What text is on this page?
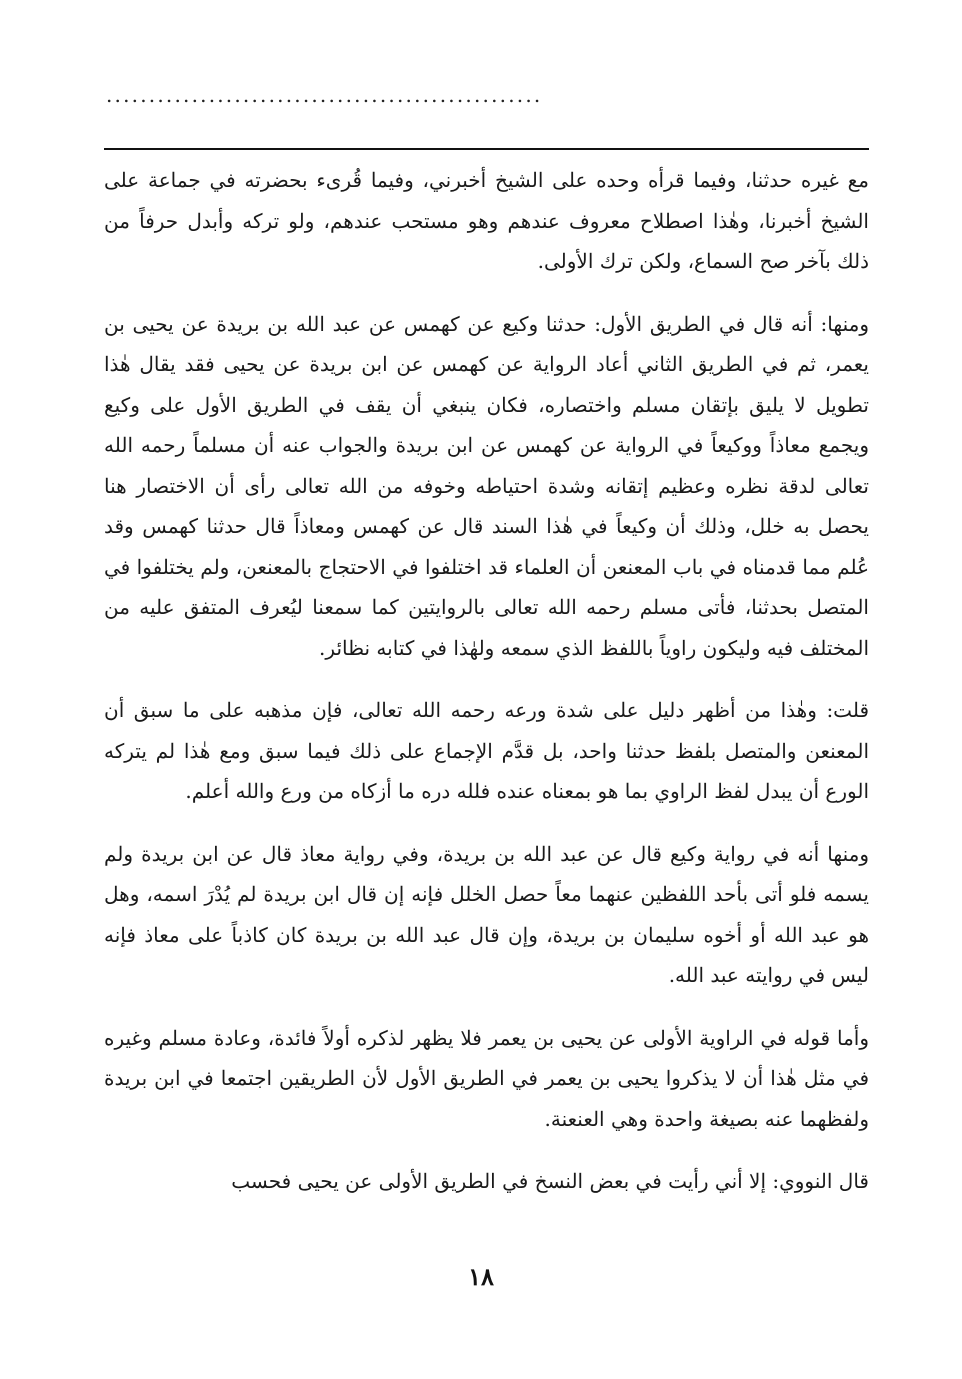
...................................................

مع غيره حدثنا، وفيما قرأه وحده على الشيخ أخبرني، وفيما قُرىء بحضرته في جماعة على الشيخ أخبرنا، وهٰذا اصطلاح معروف عندهم وهو مستحب عندهم، ولو تركه وأبدل حرفاً من ذلك بآخر صح السماع، ولكن ترك الأولى.

ومنها: أنه قال في الطريق الأول: حدثنا وكيع عن كهمس عن عبد الله بن بريدة عن يحيى بن يعمر، ثم في الطريق الثاني أعاد الرواية عن كهمس عن ابن بريدة عن يحيى فقد يقال هٰذا تطويل لا يليق بإتقان مسلم واختصاره، فكان ينبغي أن يقف في الطريق الأول على وكيع ويجمع معاذاً ووكيعاً في الرواية عن كهمس عن ابن بريدة والجواب عنه أن مسلماً رحمه الله تعالى لدقة نظره وعظيم إتقانه وشدة احتياطه وخوفه من الله تعالى رأى أن الاختصار هنا يحصل به خلل، وذلك أن وكيعاً في هٰذا السند قال عن كهمس ومعاذاً قال حدثنا كهمس وقد عُلم مما قدمناه في باب المعنعن أن العلماء قد اختلفوا في الاحتجاج بالمعنعن، ولم يختلفوا في المتصل بحدثنا، فأتى مسلم رحمه الله تعالى بالروايتين كما سمعنا ليُعرف المتفق عليه من المختلف فيه وليكون راوياً باللفظ الذي سمعه ولهٰذا في كتابه نظائر.

قلت: وهٰذا من أظهر دليل على شدة ورعه رحمه الله تعالى، فإن مذهبه على ما سبق أن المعنعن والمتصل بلفظ حدثنا واحد، بل قدَّم الإجماع على ذلك فيما سبق ومع هٰذا لم يتركه الورع أن يبدل لفظ الراوي بما هو بمعناه عنده فلله دره ما أزكاه من ورع والله أعلم.

ومنها أنه في رواية وكيع قال عن عبد الله بن بريدة، وفي رواية معاذ قال عن ابن بريدة ولم يسمه فلو أتى بأحد اللفظين عنهما معاً حصل الخلل فإنه إن قال ابن بريدة لم يُدْرَ اسمه، وهل هو عبد الله أو أخوه سليمان بن بريدة، وإن قال عبد الله بن بريدة كان كاذباً على معاذ فإنه ليس في روايته عبد الله.

وأما قوله في الراوية الأولى عن يحيى بن يعمر فلا يظهر لذكره أولاً فائدة، وعادة مسلم وغيره في مثل هٰذا أن لا يذكروا يحيى بن يعمر في الطريق الأول لأن الطريقين اجتمعا في ابن بريدة ولفظهما عنه بصيغة واحدة وهي العنعنة.

قال النووي: إلا أني رأيت في بعض النسخ في الطريق الأولى عن يحيى فحسب

١٨
